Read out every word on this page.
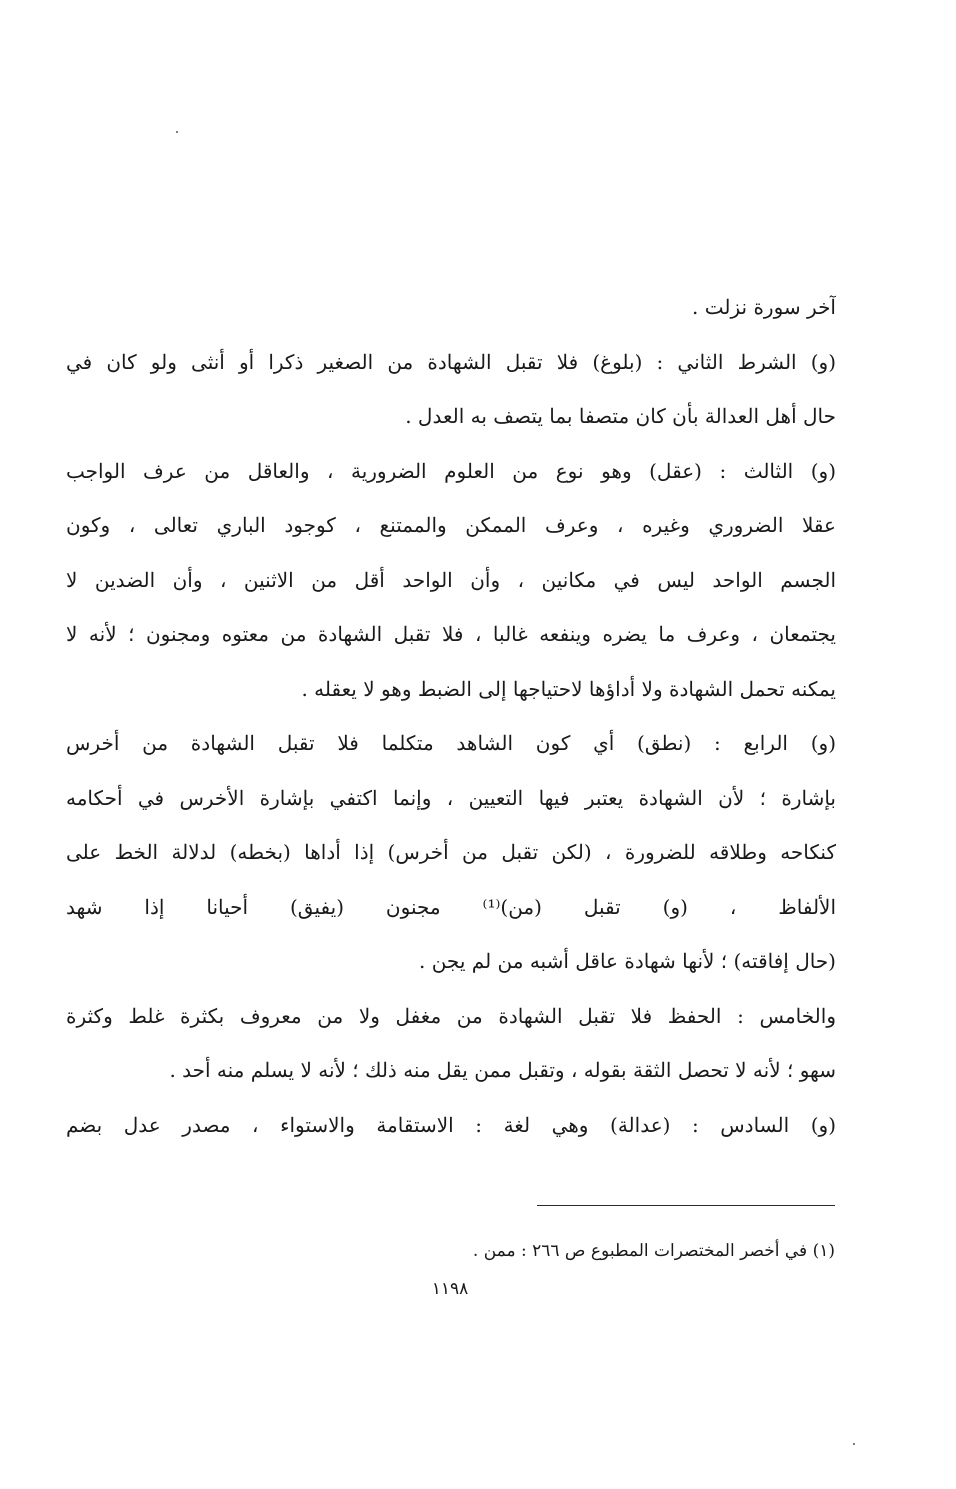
آخر سورة نزلت .
(و) الشرط الثاني : (بلوغ) فلا تقبل الشهادة من الصغير ذكرا أو أنثى ولو كان في
حال أهل العدالة بأن كان متصفا بما يتصف به العدل .
(و) الثالث : (عقل) وهو نوع من العلوم الضرورية ، والعاقل من عرف الواجب
عقلا الضروري وغيره ، وعرف الممكن والممتنع ، كوجود الباري تعالى ، وكون
الجسم الواحد ليس في مكانين ، وأن الواحد أقل من الاثنين ، وأن الضدين لا
يجتمعان ، وعرف ما يضره وينفعه غالبا ، فلا تقبل الشهادة من معتوه ومجنون ؛ لأنه لا
يمكنه تحمل الشهادة ولا أداؤها لاحتياجها إلى الضبط وهو لا يعقله .
(و) الرابع : (نطق) أي كون الشاهد متكلما فلا تقبل الشهادة من أخرس
بإشارة ؛ لأن الشهادة يعتبر فيها التعيين ، وإنما اكتفي بإشارة الأخرس في أحكامه
كنكاحه وطلاقه للضرورة ، (لكن تقبل من أخرس) إذا أداها (بخطه) لدلالة الخط على
الألفاظ ، (و) تقبل (من)⁽¹⁾ مجنون (يفيق) أحيانا إذا شهد
(حال إفاقته) ؛ لأنها شهادة عاقل أشبه من لم يجن .
والخامس : الحفظ فلا تقبل الشهادة من مغفل ولا من معروف بكثرة غلط وكثرة
سهو ؛ لأنه لا تحصل الثقة بقوله ، وتقبل ممن يقل منه ذلك ؛ لأنه لا يسلم منه أحد .
(و) السادس : (عدالة) وهي لغة : الاستقامة والاستواء ، مصدر عدل بضم
(١) في أخصر المختصرات المطبوع ص ٢٦٦ : ممن .
١١٩٨
